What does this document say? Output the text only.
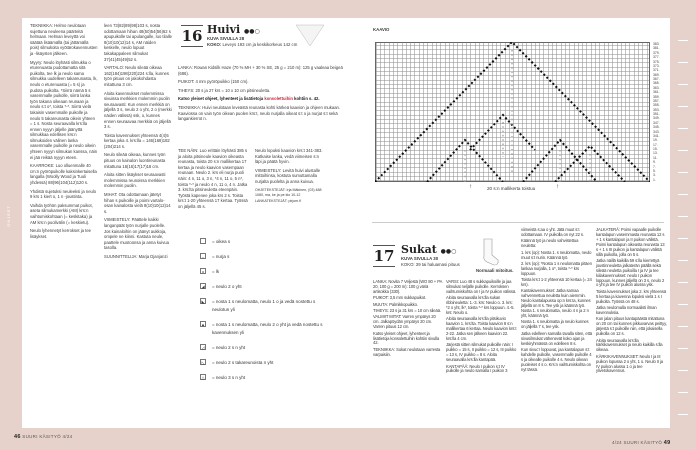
OHJEET

TEKNIIKKA: Helmo neulotaan sujettuna neuleena päärteitä helmaan. Helman leveyttä voi säätää lisäämällä (tai jättämällä pois) silmukoita vyötärokavennusten ja -lisäysten jälkeen.

Myyry: Neulo löyhästi silmukka o eturenuasta pudottamatta sitä puikolta, tee lk ja neulo sama silmukka uudelleen takareunasta, lk, neulo o eturenuasta (= 5 s) ja pudota puikolta. *Siirrä nämä 5 s vasemmalle puikolle, siirrä lanka työn takana oikeaan reunaan ja neulo s:t o*, toista *-*. Siirrä vielä takaisin vasemmalle puikolle ja neulo 5 takareunasta oikein yhteen = 1 s. Nosta seuraavalla krs:lla ennen nyyyn jäljelle jäänyttä silmukkaa edellisen krs:n silmukoiden välinen lanka vasemmalle puikolle ja neulo oikein yhteen nyyyn silmukan kanssa, näin ei jää reikää nyyyn eteen.

KAARROKE: Luo olluenmalle 40 cm:n pyöröpuikolle kaksinkertaisella langalla (Woolly Wood ja Tuuli yhdessä) 88(96)104(112)120 s.

Yhdistä sujetuksi neuleeksi ja neulo 9 krs 1 kiert o, 1 n -joustinta.

Vaihda työhön paksummat puikot, aseta silmukamerkki (AM) krs:n vaihtumiskohtaan (= keskitaka) ja AM krs:n puolivälin (= keskietu).

Neulo lyhennetyt kerrokset ja tee lisäykset.

leen 73(82)89(98)103 s, nosta odottamaan hihan 48(50)54(56)62 s apupuikolle tai apulangalle, luo tilalle 8(10)10(12)14 s, AM näiden keskelle, neulo lopuut takakappaleen silmukat 37(41)45(49)52 s.

VARTALO: Neulo sileää oikeaa 162(184)198(220)224 s:lla, kunnes työn pituus on jakokohdasta mitattuna 3 cm.

Aloita kavennukset molemmissa sivuissa merkkien molemmin puolin seuraavasti: Kun ennen merkkiä on jäljellä 3 s, neulo 2 o yht, 2 o (merkki näiden välissä) ssk, o, kunnes ennen seuraavaa merkkiä on jäljellä 3 s.

Toista kavennukset yhteensä 4(4)5 kertaa joka 4. krs:lla = 146(168)182 (204)214 s.

Neulo sileää oikeaa, kunnes työn pituus on kainalon luontireunasta mitattuna 16(16)17(17)16 cm.

Aloita sitten lisäykset seuraavasti molemmissa reunoissa merkkien molemmin puolin.

MIHAT: Ota odottamaan jätetyt hihan s puikoille ja poimi vartalo-osan kainalosta vielä 8(10)10(12)14 s.

VIIMEISTELY: Päättele kaikki langanpäät työn nurjalle puolelle. Jos kainaloihin on jäänyt aukkoja, ompele ne kiinni. Kastuta neule, paattele muotoonsa ja anna kuivua tasolla.

SUUNNITTELIJA: Marja Djanjanzi

46 SUURI KÄSITYÖ 4/24
16 Huivi ●●○
KUVA SIVULLA 28
KOKO: Leveys 193 cm ja keskikorkeus 142 cm

LANKA: Rowan Kidsilk Haze (70 % MH + 30 % SE, 25 g = 210 m): 125 g vaaleaa beigeä (686).

PUIKOT: 4 mm pyöröpuikko (150 cm).

TIHEYS: 20 s ja 27 krs = 10 x 10 cm pitsineuletta.

Katso yleiset ohjeet, lyhenteet ja lisätietoja konsolettuihin kohtiin s. 42.

TEKNIIKKA: Huivi neulotaan leveästä reunasta kohti kärkeä kaavion ja ohjeen mukaan. Kaaviossa on vain työn oikean puolen krs:t, neulo nurjalla oikeat s:t o ja nurjat s:t sekä langankierrot n.

TEE NÄIN: Luo erittäin löyhästi 385 s ja aloita pitsineule kaavion oikeasta reunasta, toista 20 s:n mallikertaa 17 kertaa ja neulo kaavion vasempaan reunaan. Neulo 2. krs eli nurja puoli näin: 4 n, 11 o, 3 n, *4 n, 11 o, 5 n*, toista *-* ja neulo 4 n, 11 o, 4 n. Jatka 3. krs:lta pitsineuletta eteenpäin. Työstä kapenee joka krs 2 s. Toista krs:t 1-20 yhteensä 17 kertaa. Työssä on jäljellä 45 s.

Neulo lopuksi kaavion krs:t 341-383. Katkaise lanka, vedä viimeisen s:n läpi ja päätä hyvin.

VIIMEISTELY: Levitä huivi alustalle mittoihinsa, kostuta sumuttamalla nurjalta puolelta ja anna kuivua.

OHJETEKSTEJÄT: Irja Mäkinen, (03) 488 1080, ma, ke ja pe klo 10-12 LANKATEKSTEJÄT: pirjom.fi

KAAVIO
383.
381.
379.
377.
375.
373.
371.
369.
367.
365.
363.
361.
359.
357.
355.
353.
351.
349.
347.
345.
343.
341.
19.
17.
15.
13.
11.
9.
7.
5.
3.
1.
↑	↑
20 s:n mallikerta toistuu
= oikea s
–	= nurja s
o	= lk
◢	= neulo 2 o yht
◣	= nosta 1 s neulomatta, neulo 1 o ja vedä nostettu s neulotun yli
▲ = nosta 1 s neulomatta, neulo 2 o yht ja vedä nostettu s kavennuksen yli
◿	= neulo 2 s n yht
◺	= neulo 2 s takareunoista n yht
△	= neulo 3 s n yht
17 Sukat ●●○
KUVA SIVULLA 30
KOKO: 39 tai haluamasi pituus
Normaali mitoitus.

LANKA: Novita 7 Veljestä (WO 80 + PA 20, 100 g = 200 m): 100 g väriä artisokka (330).

PUIKOT: 3,5 mm sukkapuikot.

MUUTA: Palmikkopuikko.

TIHEYS: 23 s ja 31 krs = 10 cm sileää.

VALMIIT MITAT: Varren ympärys 20 cm. Jalkapöydän ympärys 20 cm. Varren pituus 12 cm.

Katso yleiset ohjeet, lyhenteet ja lisätietoja konsolettuihin kohtiin sivulla 42.

TEKNIIKKA: Sukat neulotaan varresta varpaisiin.

VARSI: Luo 48 s sukkapuikoille ja jaa silmukat neljälle puikolle. Kerroksen vaihtumiskohta on I ja IV puikon välissä.

Aloita seuraavalla krs:lla sukan ribbineuletta: 1.-3. krs: Neulo o. 3. krs: *2 o yht, lk*, toista *-* krs loppuun. 4.-5. krs: Neulo o.

Aloita seuraavalla krs:lla pitsikuvio kaavion 1. krs:lta. Toista kaavion 8 s:n mallikertaa 6 kertaa. Neulo kaavion krs:t 2-22. Jatka sen jälkeen kaavion 22. krs:lla 4 cm.

Järjestä sitten silmukat puikoille näin: I puikko = 15 s, II puikko = 12 s, III puikko = 13 s, IV puikko = 8 s. Aloita seuraavalla krs:lla kantapää.

KANTAPÄÄ: Neulo I puikon s:t IV puikolle ja neulo samalla I puikon 3

viimeistä s:aa o yht. Jätä muut s:t odottamaan. IV puikolla on nyt 22 s.

Käännä työ ja neulo vahvistettua neuletta:

1. krs (op): Nosta 1. s neulomatta, neulo muut s:t nurin. Käännä työ.

2. krs (op): *Nosta 1 s neulomatta pitäen lankaa nurjalla, 1 o*, toista *-* krs loppuun.

Toista krs:t 1-2 yhteensä 10 kertaa (= 24 krs).

Kantakavennukset: Jatka samaa vahvennettua neuletta kuin aiemmin. Neulo kantalapussa op:n krs:ta, kunnes jäljellä on 8 s. Tee ysk ja käännä työ. Nosta 1. s neulomatta, neulo 4 n ja 2 n yht, käännä työ.

Nosta 1. s neulomatta ja neulo kunnes on jäljellä 7 s, tee ysk.

Jatka edelleen samalla tavalla siten, että sivusilmukat vähenevät koko ajan ja keskiryhmässä on edelleen 8 s.

Kun sivuст loppuvat, jaa kantalapun s:t kahdelle puikolle, vasemmalle puikolle 4 s ja oikealle puikolle 4 s. Neulo oikean puoleiset 4 s o. Krs:n vaihtumiskohta on nyt tässä.

JALKATERÄ: Poimi vapaalle puikolle kantalapun vasemmasta reunasta 12 s + 1 s kantalapun ja II puikon välistä. Poimi kantalapun oikeasta reunasta 13 s + 1 s III puikon ja kantalapun välistä sillä puikolla, jolla on 5 s.

Jatka näillä kaikilla 59 s:lla kierrettyä joustinneuletta jalkaterän päällä sekä sileää neuletta puikoilla I ja IV ja tee kiilakavennukset: neulo I puikon loppuun, kunnes jäljellä on 3 s, neulo 2 o yht ja tee IV puikon alussa ysk.

Toista kavennukset joka 2. krs yhteensä 5 kertaa ja kavenna lopuksi vielä 1 s I puikolta. Työssä on 48 s.

Jatka neulomalla normaalisti ilman kavennuksia.

Kun jalan pituus kantapäästä mitattuna on 20 cm tai kunnes pikkuvarvas peittyy, järjestä s:t puikoille niin, että jokaisella puikolla on 12 s.

Aloita seuraavalla krs:lla kärkikavennukset ja neulo kaikilla s:lla oikeaa.

KÄRKIKAVENNUKSET: Neulo I ja III puikon lopussa 2 o yht, 1 o. Neulo II ja IV puikon alussa 1 o ja tee ylivetokavennus.

4/24 SUURI KÄSITYÖ 49
